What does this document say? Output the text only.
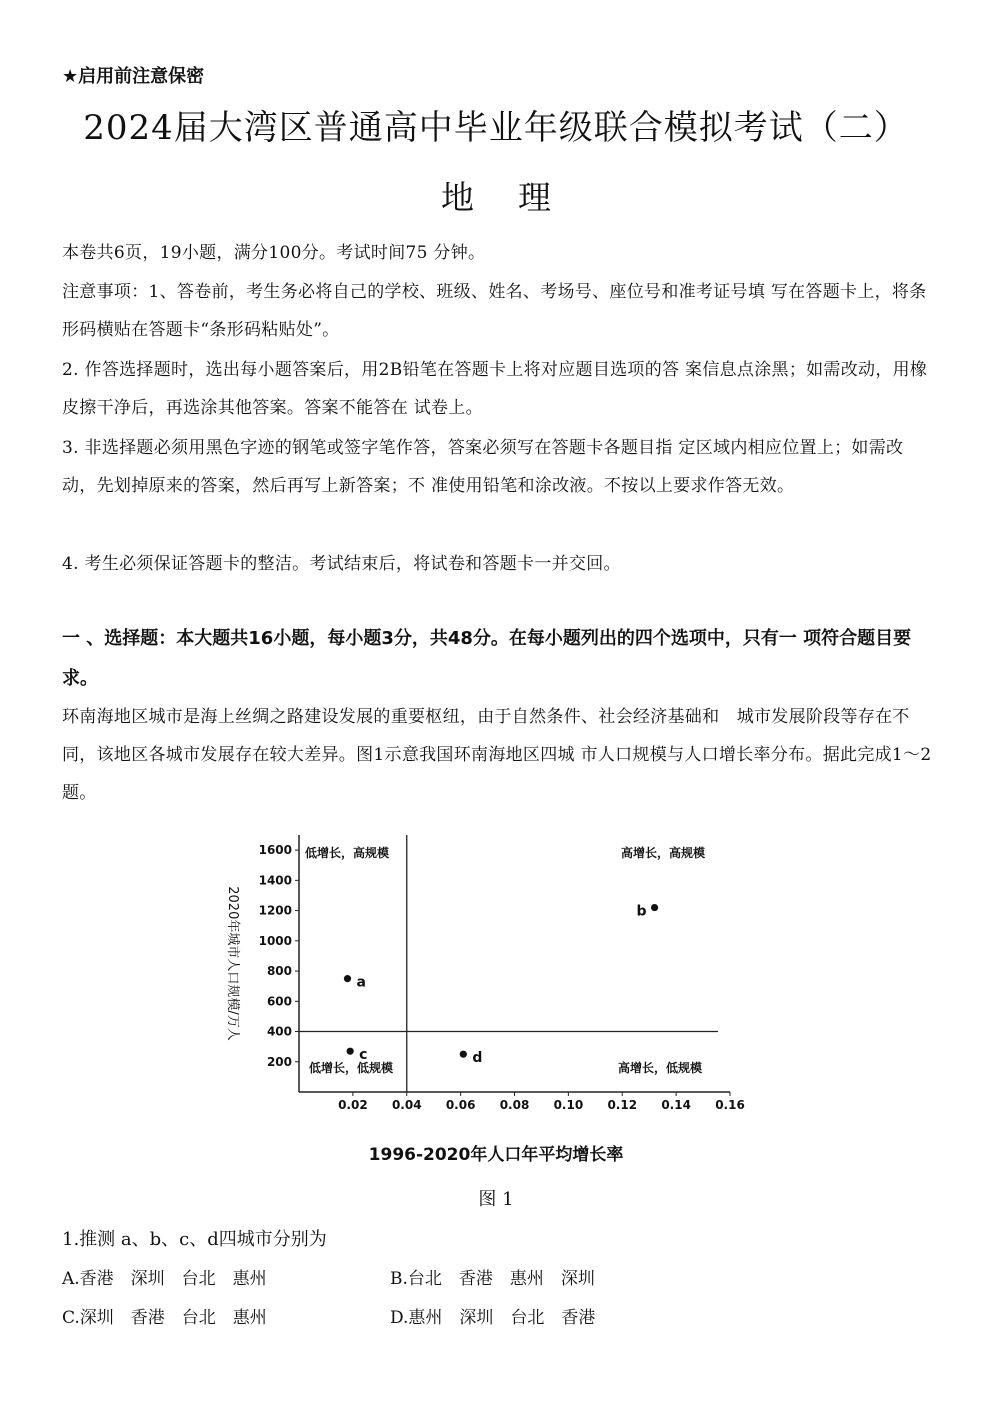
★启用前注意保密
2024届大湾区普通高中毕业年级联合模拟考试（二）
地理
本卷共6页，19小题，满分100分。考试时间75 分钟。
注意事项：1、答卷前，考生务必将自己的学校、班级、姓名、考场号、座位号和准考证号填 写在答题卡上，将条形码横贴在答题卡“条形码粘贴处”。
2. 作答选择题时，选出每小题答案后，用2B铅笔在答题卡上将对应题目选项的答 案信息点涂黑；如需改动，用橡皮擦干净后，再选涂其他答案。答案不能答在 试卷上。
3. 非选择题必须用黑色字迹的钢笔或签字笔作答，答案必须写在答题卡各题目指 定区域内相应位置上；如需改动，先划掉原来的答案，然后再写上新答案；不 准使用铅笔和涂改液。不按以上要求作答无效。
4. 考生必须保证答题卡的整洁。考试结束后，将试卷和答题卡一并交回。
一 、选择题：本大题共16小题，每小题3分，共48分。在每小题列出的四个选项中，只有一 项符合题目要求。
环南海地区城市是海上丝绸之路建设发展的重要枢纽，由于自然条件、社会经济基础和　城市发展阶段等存在不同，该地区各城市发展存在较大差异。图1示意我国环南海地区四城 市人口规模与人口增长率分布。据此完成1～2题。
200
400
600
800
1000
1200
1400
1600
0.02 0.04 0.06 0.08 0.10 0.12 0.14 0.16
2020年城市人口规模/万人
低增长，高规模	高增长，高规模
低增长，低规模	高增长，低规模
a
b
c	d
1996-2020年人口年平均增长率
图 1
1.推测 a、b、c、d四城市分别为
A.香港　深圳　台北　惠州	B.台北　香港　惠州　深圳
C.深圳　香港　台北　惠州	D.惠州　深圳　台北　香港
